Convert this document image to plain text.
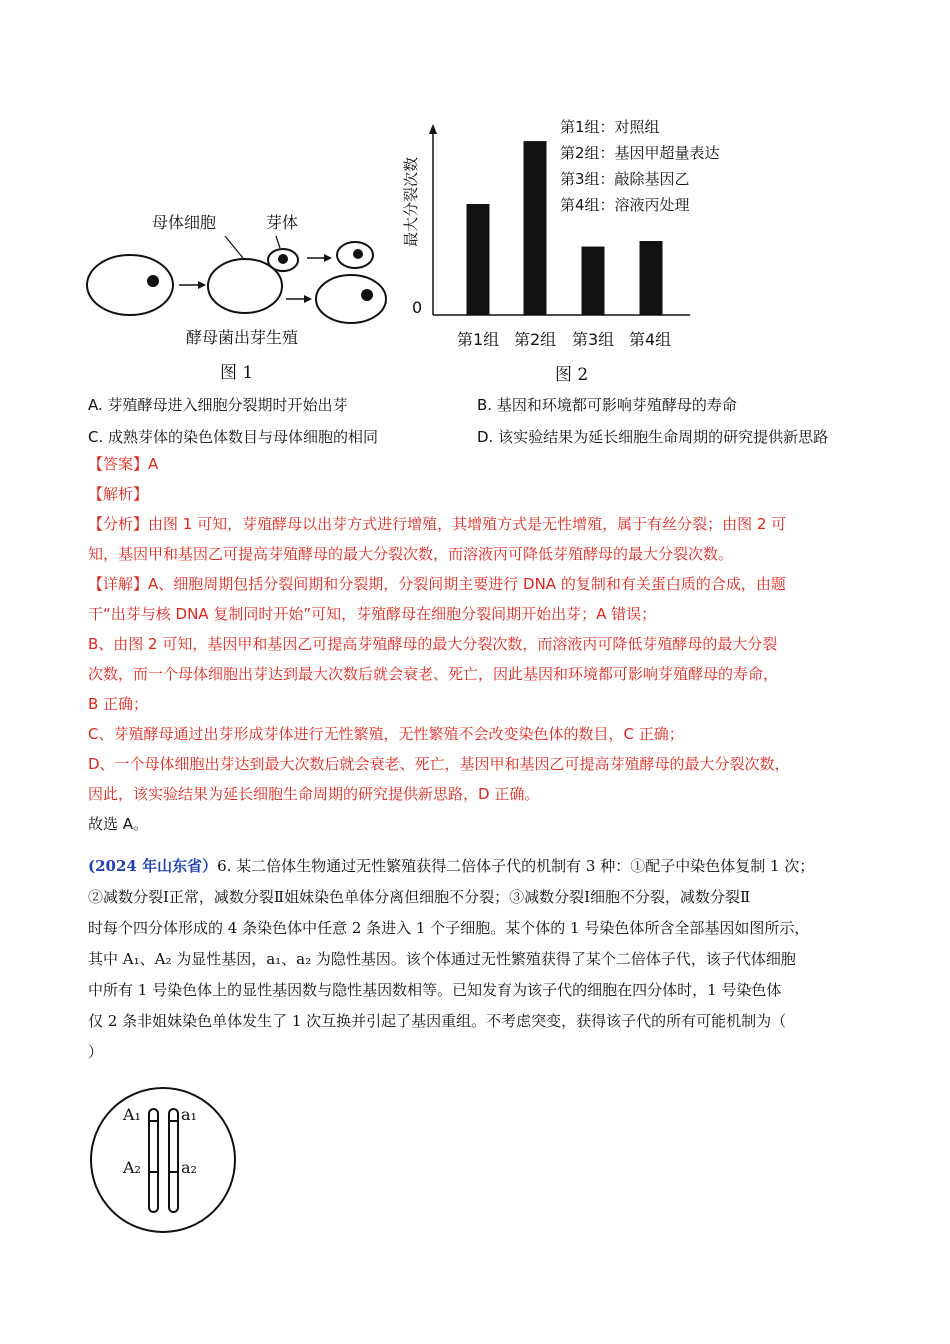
母体细胞	芽体
酵母菌出芽生殖
图 1
最大分裂次数
0
第1组：对照组
第2组：基因甲超量表达
第3组：敲除基因乙
第4组：溶液丙处理
第1组 第2组 第3组 第4组
图 2
A. 芽殖酵母进入细胞分裂期时开始出芽	B. 基因和环境都可影响芽殖酵母的寿命
C. 成熟芽体的染色体数目与母体细胞的相同	D. 该实验结果为延长细胞生命周期的研究提供新思路
【答案】A
【解析】
【分析】由图 1 可知，芽殖酵母以出芽方式进行增殖，其增殖方式是无性增殖，属于有丝分裂；由图 2 可
知，基因甲和基因乙可提高芽殖酵母的最大分裂次数，而溶液丙可降低芽殖酵母的最大分裂次数。
【详解】A、细胞周期包括分裂间期和分裂期，分裂间期主要进行 DNA 的复制和有关蛋白质的合成，由题
干“出芽与核 DNA 复制同时开始”可知，芽殖酵母在细胞分裂间期开始出芽；A 错误；
B、由图 2 可知，基因甲和基因乙可提高芽殖酵母的最大分裂次数，而溶液丙可降低芽殖酵母的最大分裂
次数，而一个母体细胞出芽达到最大次数后就会衰老、死亡，因此基因和环境都可影响芽殖酵母的寿命，
B 正确；
C、芽殖酵母通过出芽形成芽体进行无性繁殖，无性繁殖不会改变染色体的数目，C 正确；
D、一个母体细胞出芽达到最大次数后就会衰老、死亡，基因甲和基因乙可提高芽殖酵母的最大分裂次数，
因此，该实验结果为延长细胞生命周期的研究提供新思路，D 正确。
故选 A。
(2024 年山东省）6. 某二倍体生物通过无性繁殖获得二倍体子代的机制有 3 种：①配子中染色体复制 1 次；
②减数分裂Ⅰ正常，减数分裂Ⅱ姐妹染色单体分离但细胞不分裂；③减数分裂Ⅰ细胞不分裂，减数分裂Ⅱ
时每个四分体形成的 4 条染色体中任意 2 条进入 1 个子细胞。某个体的 1 号染色体所含全部基因如图所示，
其中 A₁、A₂ 为显性基因，a₁、a₂ 为隐性基因。该个体通过无性繁殖获得了某个二倍体子代，该子代体细胞
中所有 1 号染色体上的显性基因数与隐性基因数相等。已知发育为该子代的细胞在四分体时，1 号染色体
仅 2 条非姐妹染色单体发生了 1 次互换并引起了基因重组。不考虑突变，获得该子代的所有可能机制为（
）
A₁	a₁
A₂	a₂
